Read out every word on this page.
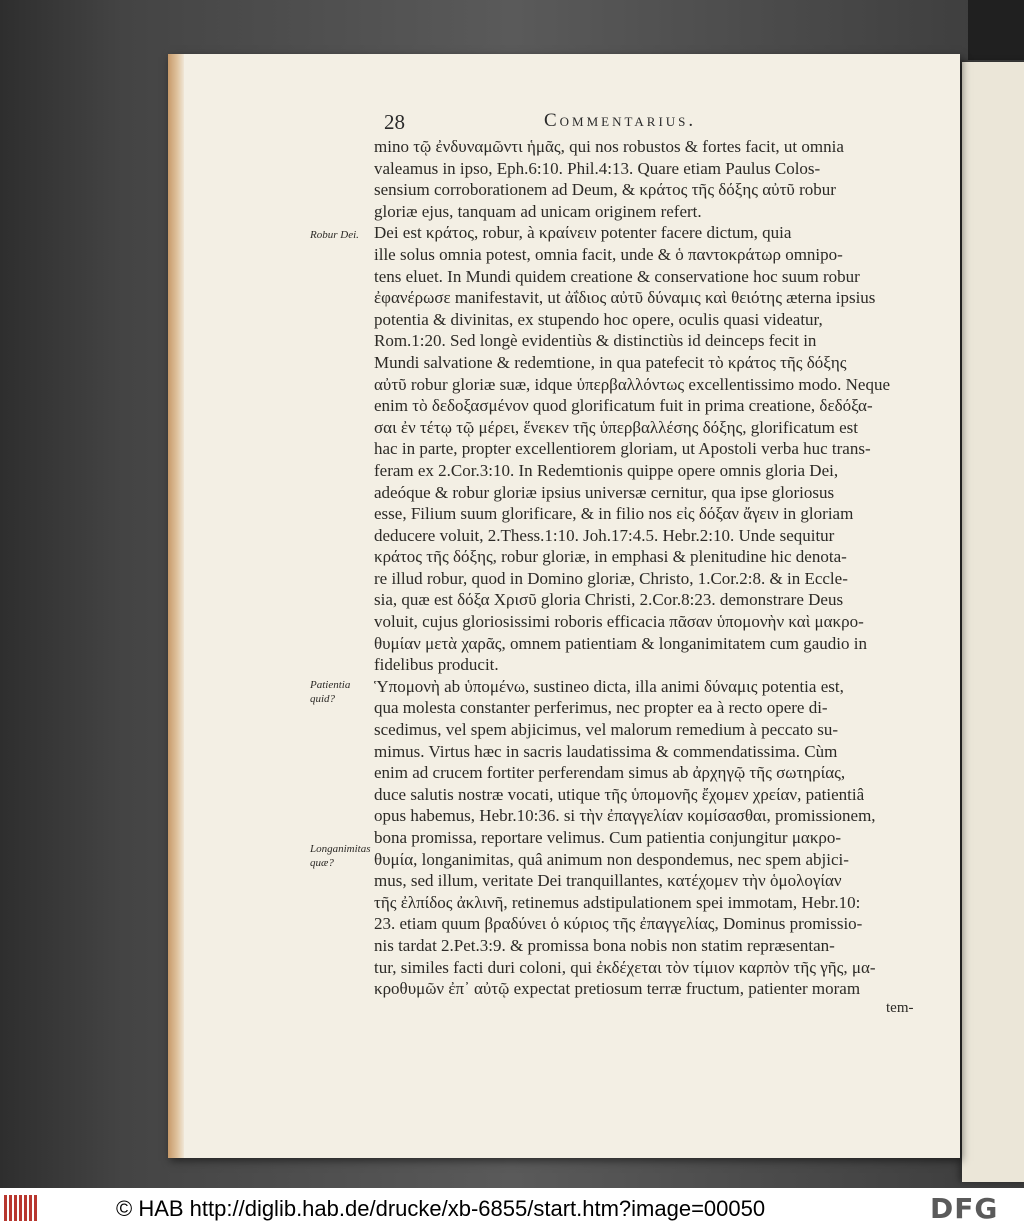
28	Commentarius.
Robur Dei.
Patientia quid?
Longanimitas quæ?
mino τῷ ἐνδυναμῶντι ἡμᾶς, qui nos robustos & fortes facit, ut omnia
valeamus in ipso, Eph.6:10. Phil.4:13. Quare etiam Paulus Colos-
sensium corroborationem ad Deum, & κράτος τῆς δόξης αὐτῦ robur
gloriæ ejus, tanquam ad unicam originem refert.
Dei est κράτος, robur, à κραίνειν potenter facere dictum, quia
ille solus omnia potest, omnia facit, unde & ὁ παντοκράτωρ omnipo-
tens eluet. In Mundi quidem creatione & conservatione hoc suum robur
ἐφανέρωσε manifestavit, ut ἀΐδιος αὐτῦ δύναμις καὶ θειότης æterna ipsius
potentia & divinitas, ex stupendo hoc opere, oculis quasi videatur,
Rom.1:20. Sed longè evidentiùs & distinctiùs id deinceps fecit in
Mundi salvatione & redemtione, in qua patefecit τὸ κράτος τῆς δόξης
αὐτῦ robur gloriæ suæ, idque ὑπερβαλλόντως excellentissimo modo. Neque
enim τὸ δεδοξασμένον quod glorificatum fuit in prima creatione, δεδόξα-
σαι ἐν τέτῳ τῷ μέρει, ἕνεκεν τῆς ὑπερβαλλέσης δόξης, glorificatum est
hac in parte, propter excellentiorem gloriam, ut Apostoli verba huc trans-
feram ex 2.Cor.3:10. In Redemtionis quippe opere omnis gloria Dei,
adeóque & robur gloriæ ipsius universæ cernitur, qua ipse gloriosus
esse, Filium suum glorificare, & in filio nos εἰς δόξαν ἄγειν in gloriam
deducere voluit, 2.Thess.1:10. Joh.17:4.5. Hebr.2:10. Unde sequitur
κράτος τῆς δόξης, robur gloriæ, in emphasi & plenitudine hic denota-
re illud robur, quod in Domino gloriæ, Christo, 1.Cor.2:8. & in Eccle-
sia, quæ est δόξα Χρισῦ gloria Christi, 2.Cor.8:23. demonstrare Deus
voluit, cujus gloriosissimi roboris efficacia πᾶσαν ὑπομονὴν καὶ μακρο-
θυμίαν μετὰ χαρᾶς, omnem patientiam & longanimitatem cum gaudio in
fidelibus producit.
Ὑπομονὴ ab ὑπομένω, sustineo dicta, illa animi δύναμις potentia est,
qua molesta constanter perferimus, nec propter ea à recto opere di-
scedimus, vel spem abjicimus, vel malorum remedium à peccato su-
mimus. Virtus hæc in sacris laudatissima & commendatissima. Cùm
enim ad crucem fortiter perferendam simus ab ἀρχηγῷ τῆς σωτηρίας,
duce salutis nostræ vocati, utique τῆς ὑπομονῆς ἔχομεν χρείαν, patientiâ
opus habemus, Hebr.10:36. si τὴν ἐπαγγελίαν κομίσασθαι, promissionem,
bona promissa, reportare velimus. Cum patientia conjungitur μακρο-
θυμία, longanimitas, quâ animum non despondemus, nec spem abjici-
mus, sed illum, veritate Dei tranquillantes, κατέχομεν τὴν ὁμολογίαν
τῆς ἐλπίδος ἀκλινῆ, retinemus adstipulationem spei immotam, Hebr.10:
23. etiam quum βραδύνει ὁ κύριος τῆς ἐπαγγελίας, Dominus promissio-
nis tardat 2.Pet.3:9. & promissa bona nobis non statim repræsentan-
tur, similes facti duri coloni, qui ἐκδέχεται τὸν τίμιον καρπὸν τῆς γῆς, μα-
κροθυμῶν ἐπ᾽ αὐτῷ expectat pretiosum terræ fructum, patienter moram
tem-
© HAB http://diglib.hab.de/drucke/xb-6855/start.htm?image=00050	DFG
